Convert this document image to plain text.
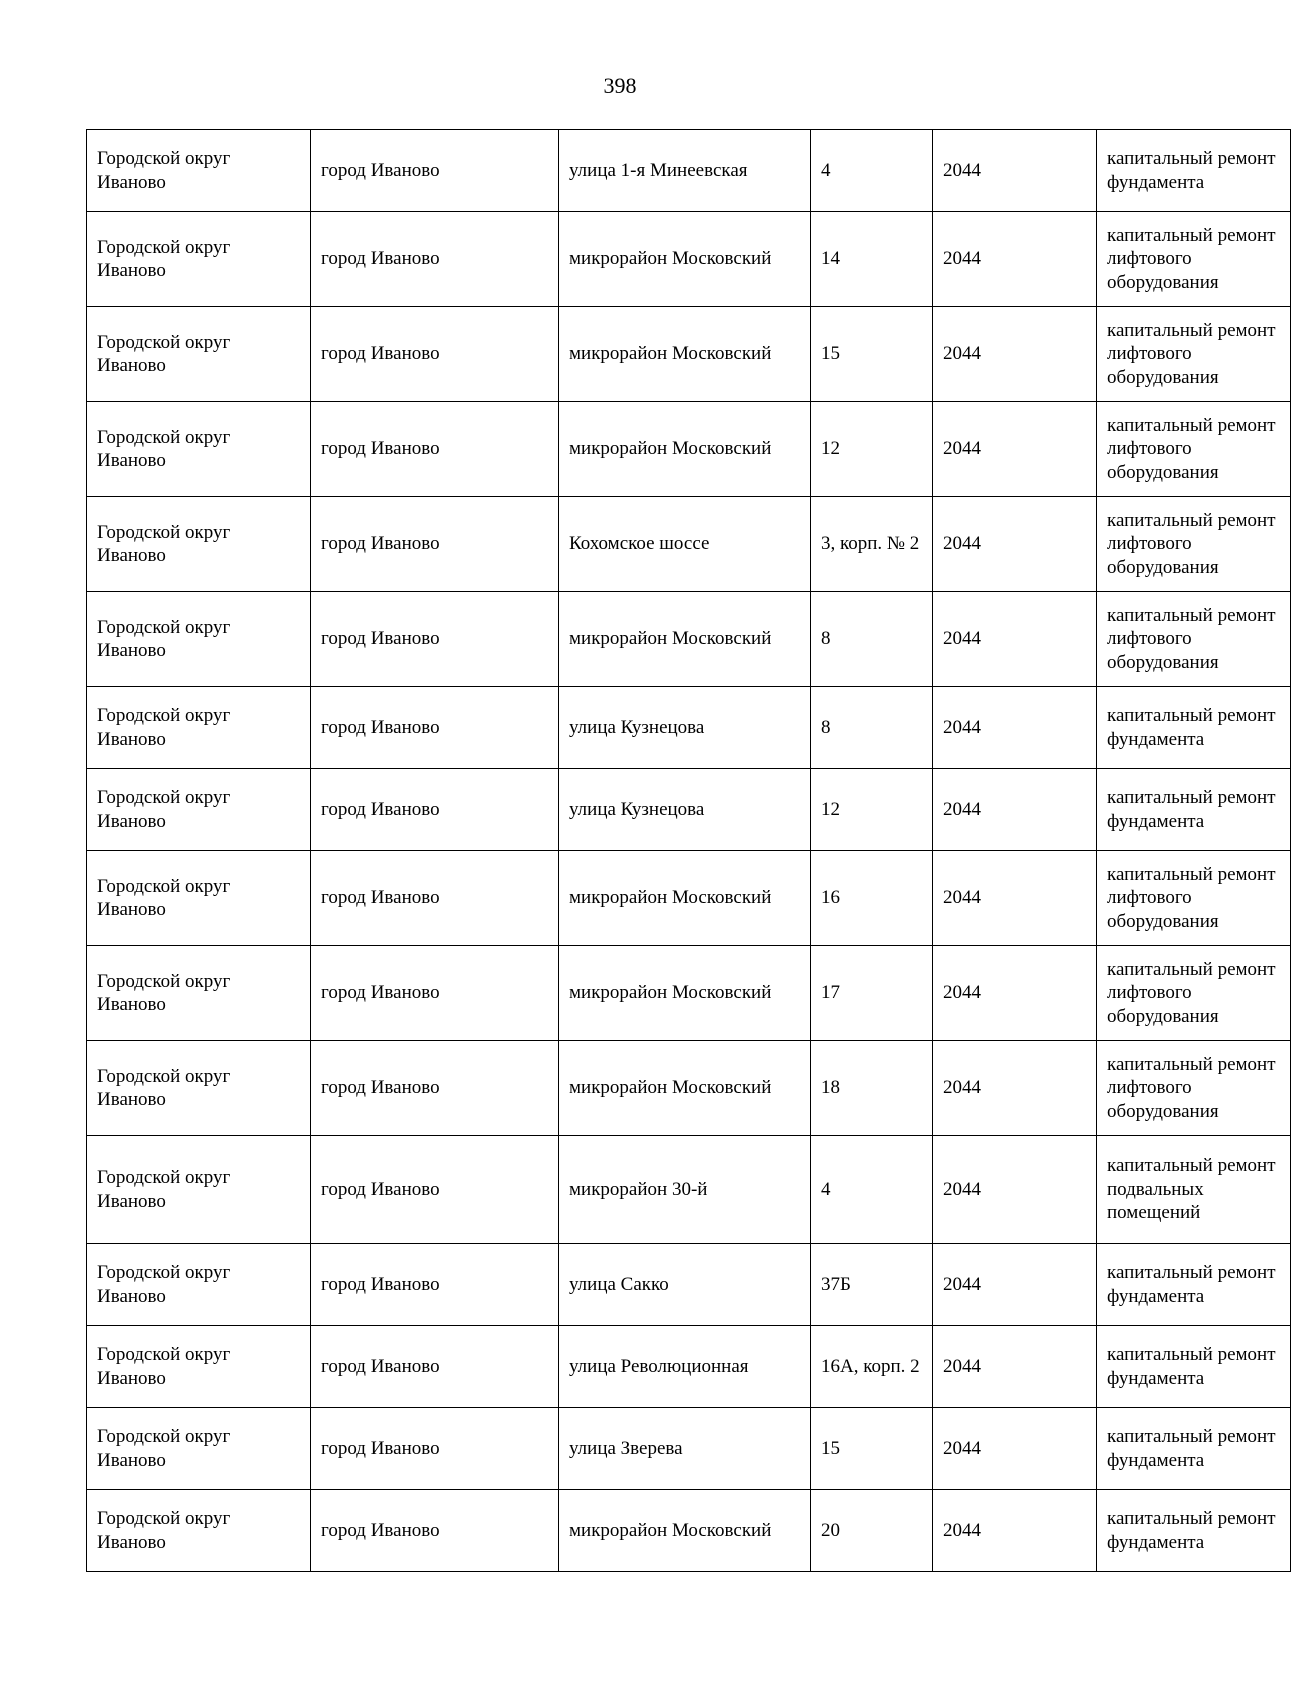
398
Городской округ Иваново	город Иваново	улица 1-я Минеевская	4	2044	капитальный ремонт фундамента
Городской округ Иваново	город Иваново	микрорайон Московский	14	2044	капитальный ремонт лифтового оборудования
Городской округ Иваново	город Иваново	микрорайон Московский	15	2044	капитальный ремонт лифтового оборудования
Городской округ Иваново	город Иваново	микрорайон Московский	12	2044	капитальный ремонт лифтового оборудования
Городской округ Иваново	город Иваново	Кохомское шоссе	3, корп. № 2	2044	капитальный ремонт лифтового оборудования
Городской округ Иваново	город Иваново	микрорайон Московский	8	2044	капитальный ремонт лифтового оборудования
Городской округ Иваново	город Иваново	улица Кузнецова	8	2044	капитальный ремонт фундамента
Городской округ Иваново	город Иваново	улица Кузнецова	12	2044	капитальный ремонт фундамента
Городской округ Иваново	город Иваново	микрорайон Московский	16	2044	капитальный ремонт лифтового оборудования
Городской округ Иваново	город Иваново	микрорайон Московский	17	2044	капитальный ремонт лифтового оборудования
Городской округ Иваново	город Иваново	микрорайон Московский	18	2044	капитальный ремонт лифтового оборудования
Городской округ Иваново	город Иваново	микрорайон 30-й	4	2044	капитальный ремонт подвальных помещений
Городской округ Иваново	город Иваново	улица Сакко	37Б	2044	капитальный ремонт фундамента
Городской округ Иваново	город Иваново	улица Революционная	16А, корп. 2	2044	капитальный ремонт фундамента
Городской округ Иваново	город Иваново	улица Зверева	15	2044	капитальный ремонт фундамента
Городской округ Иваново	город Иваново	микрорайон Московский	20	2044	капитальный ремонт фундамента
